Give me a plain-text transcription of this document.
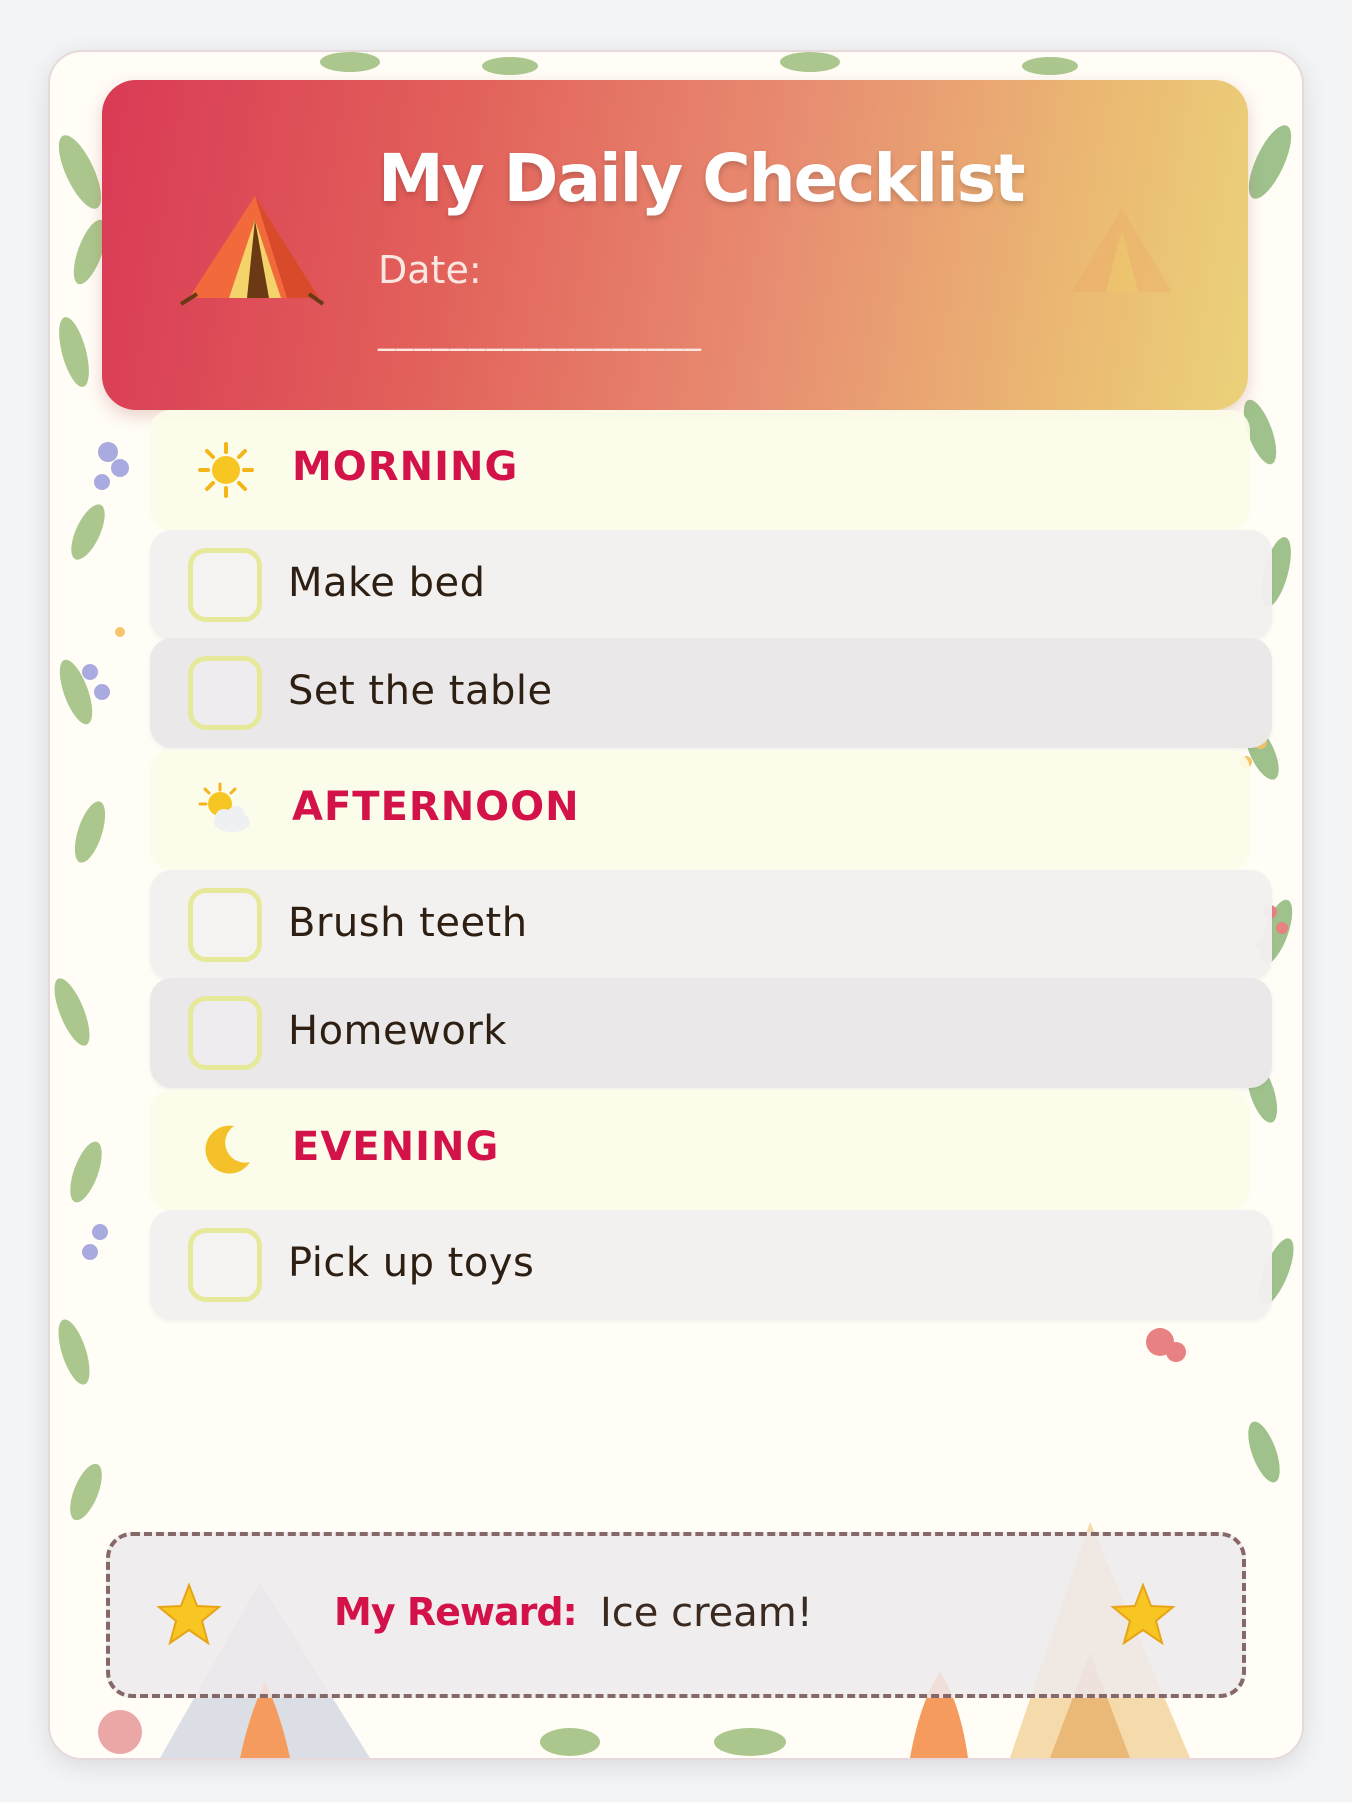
My Daily Checklist
Date:
__________________
MORNING
Make bed
Set the table
AFTERNOON
Brush teeth
Homework
EVENING
Pick up toys
My Reward: Ice cream!
